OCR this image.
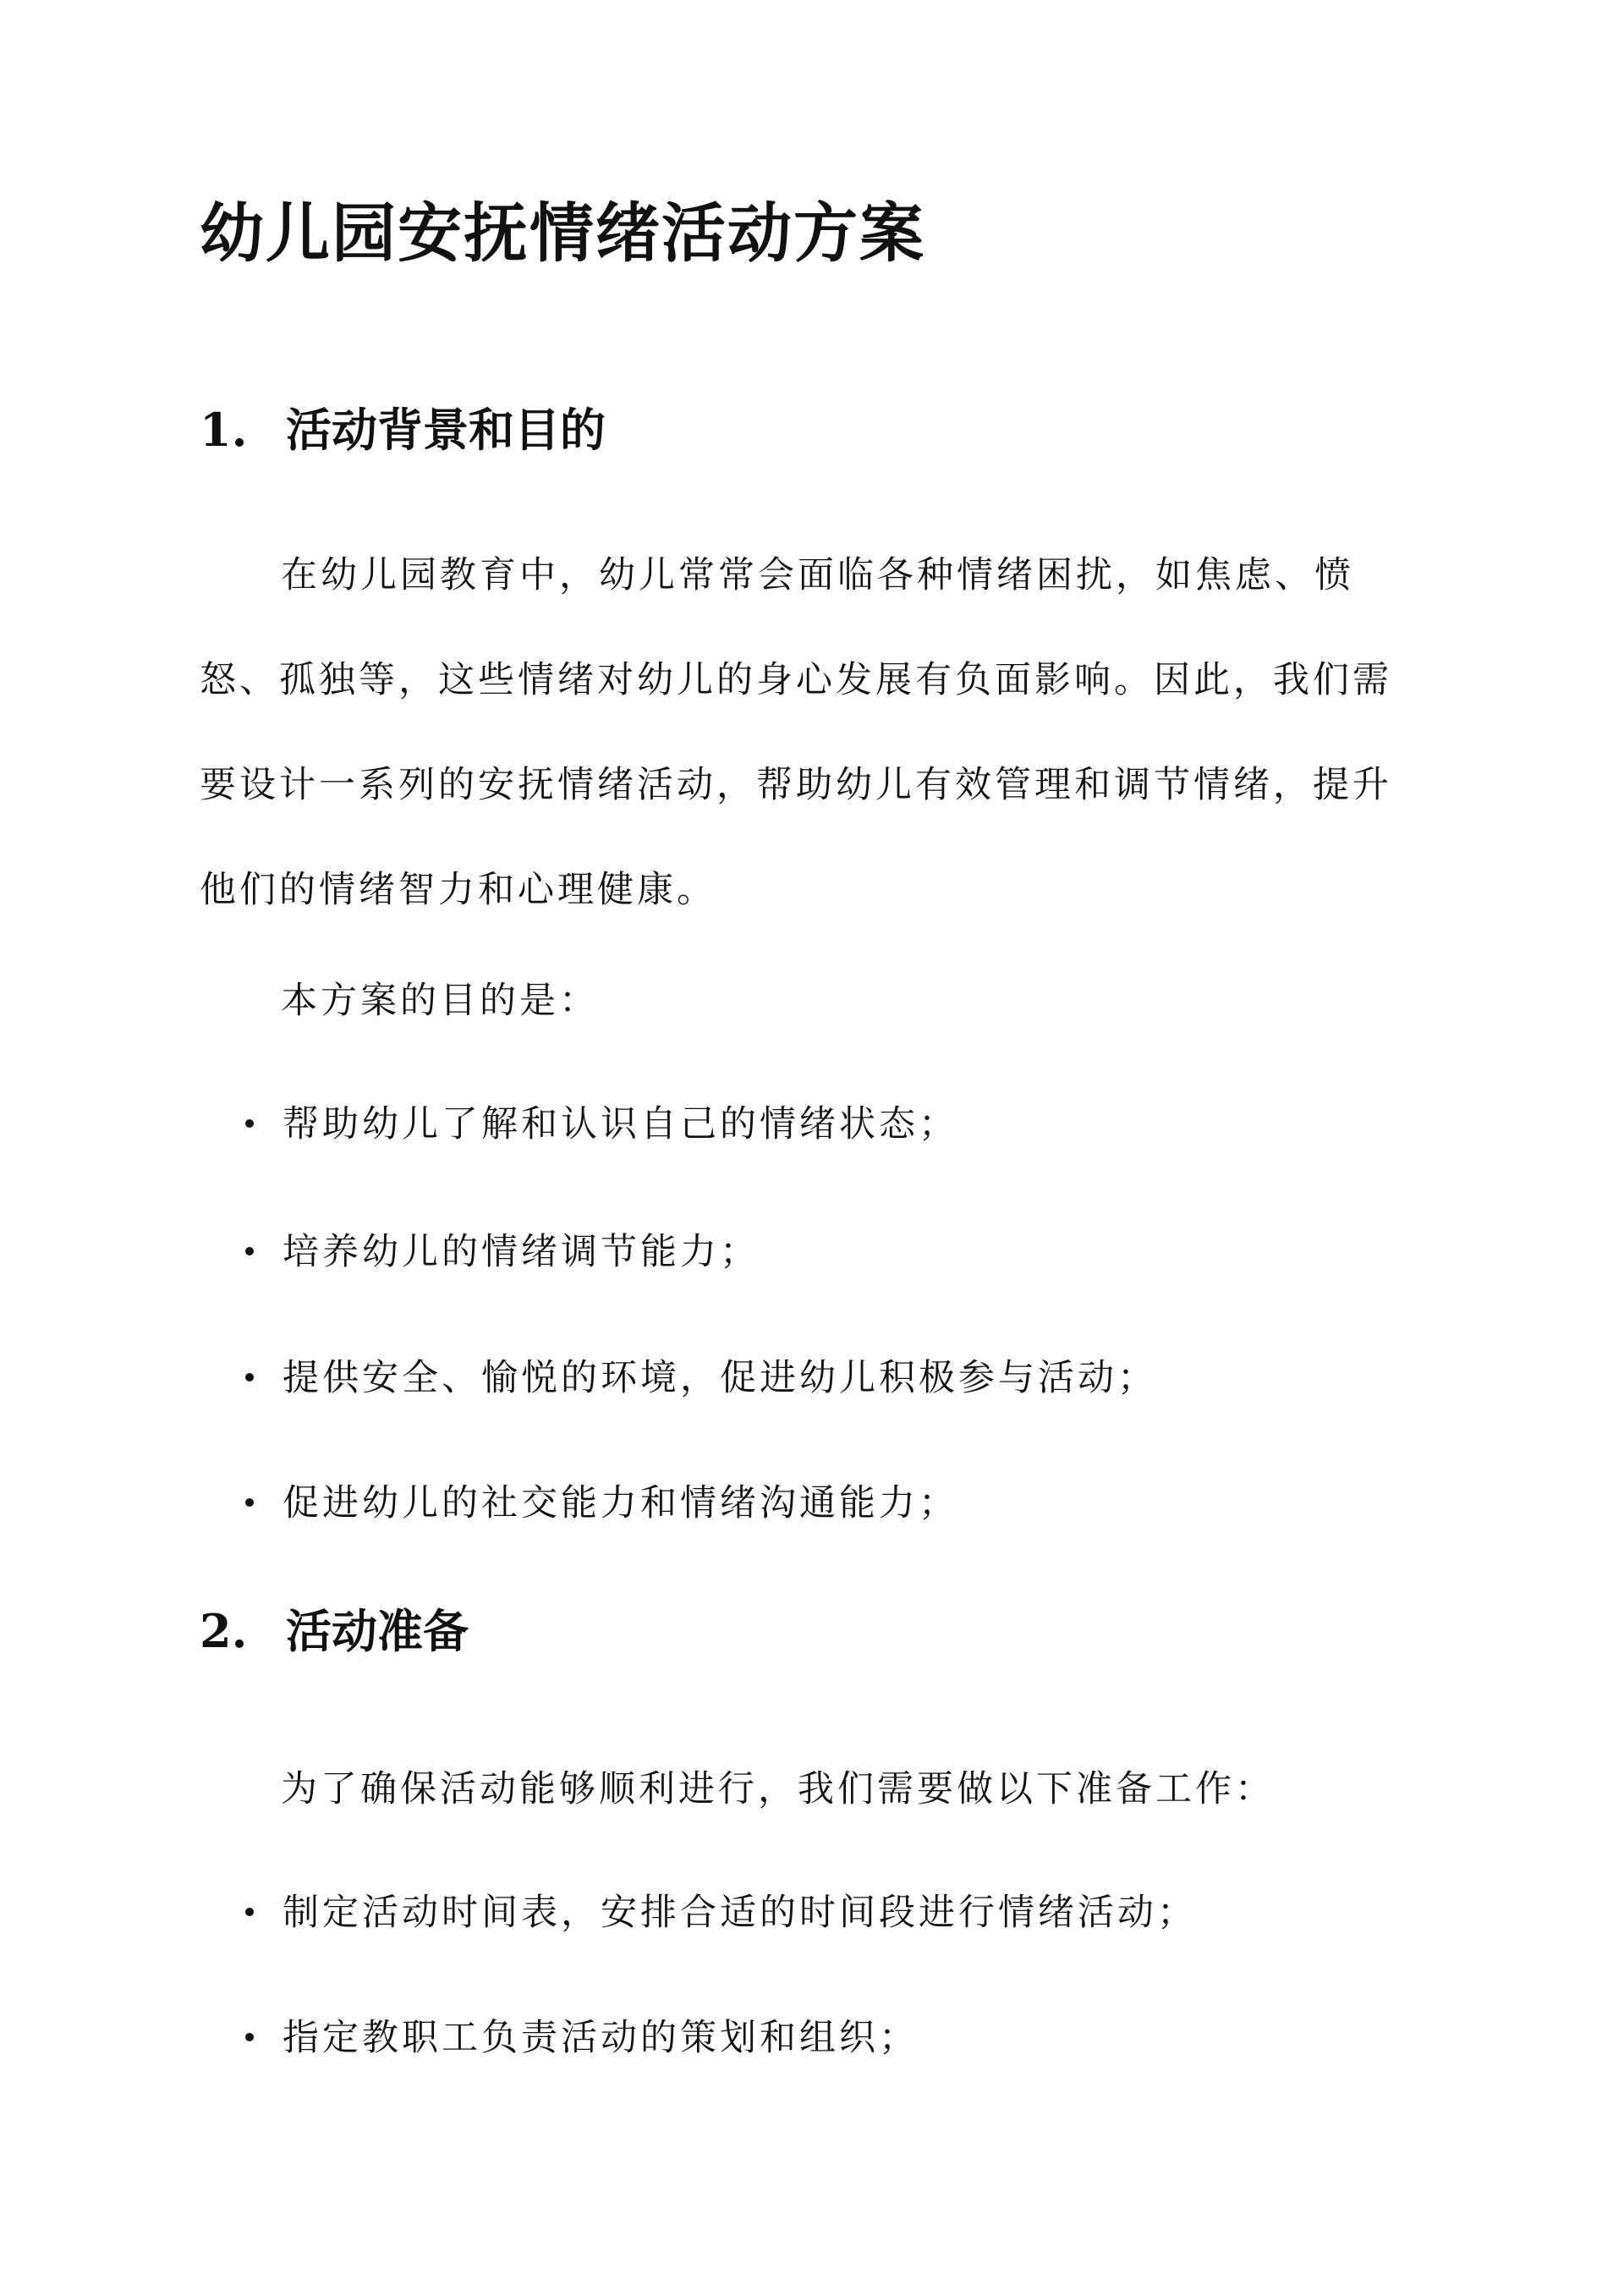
幼儿园安抚情绪活动方案
1. 活动背景和目的

在幼儿园教育中，幼儿常常会面临各种情绪困扰，如焦虑、愤怒、孤独等，这些情绪对幼儿的身心发展有负面影响。因此，我们需要设计一系列的安抚情绪活动，帮助幼儿有效管理和调节情绪，提升他们的情绪智力和心理健康。

本方案的目的是：

帮助幼儿了解和认识自己的情绪状态；

培养幼儿的情绪调节能力；

提供安全、愉悦的环境，促进幼儿积极参与活动；

促进幼儿的社交能力和情绪沟通能力；

2. 活动准备

为了确保活动能够顺利进行，我们需要做以下准备工作：

制定活动时间表，安排合适的时间段进行情绪活动；

指定教职工负责活动的策划和组织；
